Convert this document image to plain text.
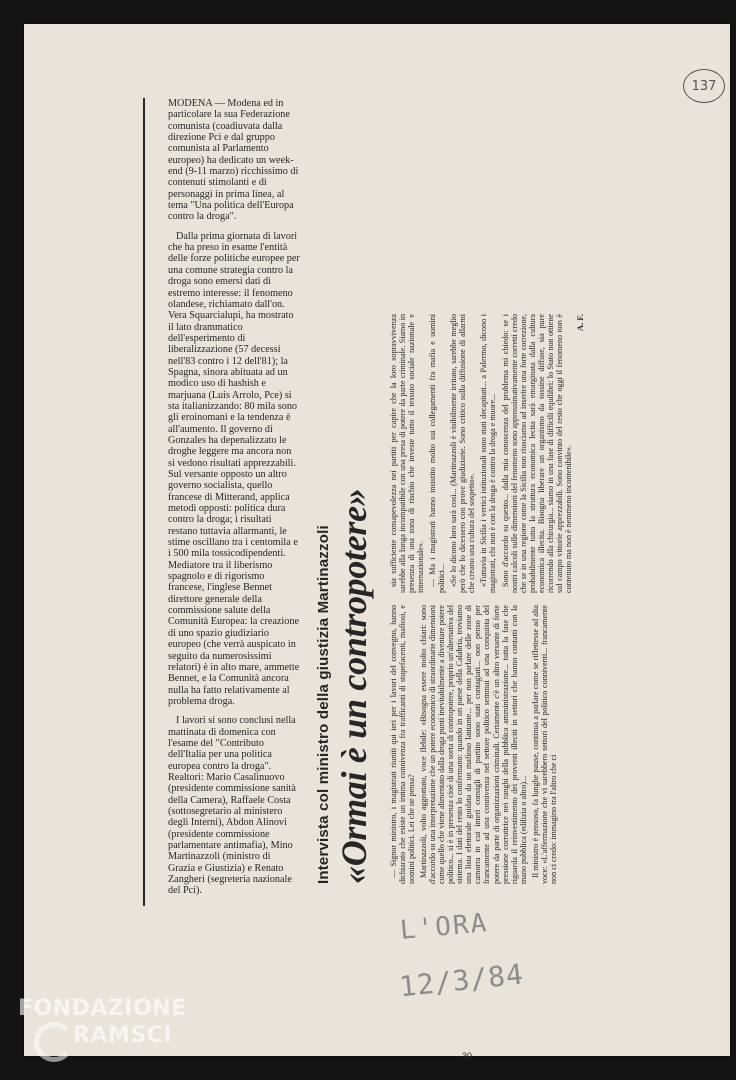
MODENA — Modena ed in particolare la sua Federazione comunista (coadiuvata dalla direzione Pci e dal gruppo comunista al Parlamento europeo) ha dedicato un week-end (9-11 marzo) ricchissimo di contenuti stimolanti e di personaggi in prima linea, al tema "Una politica dell'Europa contro la droga".

Dalla prima giornata di lavori che ha preso in esame l'entità delle forze politiche europee per una comune strategia contro la droga sono emersi dati di estremo interesse: il fenomeno olandese, richiamato dall'on. Vera Squarcialupi, ha mostrato il lato drammatico dell'esperimento di liberalizzazione (57 decessi nell'83 contro i 12 dell'81); la Spagna, sinora abituata ad un modico uso di hashish e marjuana (Luis Arrolo, Pce) si sta italianizzando: 80 mila sono gli eroinomani e la tendenza è all'aumento. Il governo di Gonzales ha depenalizzato le droghe leggere ma ancora non si vedono risultati apprezzabili. Sul versante opposto un altro governo socialista, quello francese di Mitterand, applica metodi opposti: politica dura contro la droga; i risultati restano tuttavia allarmanti, le stime oscillano tra i centomila e i 500 mila tossicodipendenti. Mediatore tra il liberismo spagnolo e di rigorismo francese, l'inglese Bennet direttore generale della commissione salute della Comunità Europea: la creazione di uno spazio giudiziario europeo (che verrà auspicato in seguito da numerosissimi relatori) è in alto mare, ammette Bennet, e la Comunità ancora nulla ha fatto relativamente al problema droga.

I lavori si sono conclusi nella mattinata di domenica con l'esame del "Contributo dell'Italia per una politica europea contro la droga". Realtori: Mario Casalinuovo (presidente commissione sanità della Camera), Raffaele Costa (sottosegretario al ministero degli Interni), Abdon Alinovi (presidente commissione parlamentare antimafia), Mino Martinazzoli (ministro di Grazia e Giustizia) e Renato Zangheri (segreteria nazionale del Pci).

Intervista col ministro della giustizia Martinazzoli «Ormai è un contropotere» — Signor ministro, i magistrati riuniti qui ieri per i lavori del convegno, hanno dichiarato che esiste un intima connivenza fra trafficanti di stupefacenti, mafiosi, e uomini politici. Lei che ne pensa? Martinazzoli, volto aggrottato, voce flebile: «Bisogna essere molto chiari: sono d'accordo su una interpretazione che un potere economico di straordinarie dimensioni come quello che viene alimentato dalla droga punti inevitabilmente a diventare potere politico... si è in presenza cioè di una sorta di contropotere, proprio un'alternativa del sistema. I dati del resto lo confermano: quando in un paese della Calabria, troviamo una lista elettorale guidata da un mafioso latitante... per non parlare delle zone di camorra in cui interi consigli di partito sono stati contagiati... non penso per francamente ad una connivenza nel settore politico semmai ad una conquista del potere da parte di organizzazioni criminali. Certamente c'è un altro versante di forte pressione corruttrice nei ranghi della pubblica amministrazione... tutta la fase che riguarda il reinvestimento dei proventi illeciti in settori che hanno contatti con la mano pubblica (edilizia o altro)... Il ministro è pensoso, fa lunghe pause, continua a parlare come se riflettesse ad alta voce: «L'affermazione che vi sarebbero settori del politico conniventi... francamente non ci credo: immagino tra l'altro che ci

sia sufficiente consapevolezza nei partiti per capire che la loro sopravvivenza sarebbe alla lunga incompatibile con una presa di potere da parte criminale. Siamo in presenza di una zona di rischio che investe tutto il tessuto sociale nazionale e internazionale». — Ma i magistrati hanno insistito molto sui collegamenti fra mafia e uomini politici... «Se lo dicono loro sarà così... (Martinazzoli è visibilmente irritato, sarebbe meglio però che lo dicessero con prove giudiziarie. Sono critico sulla diffusione di allarmi che creano una cultura del sospetto». «Tuttavia in Sicilia i vertici istituzionali sono stati decapitati... a Palermo, dicono i magistrati, chi non è con la droga è contro la droga e muore... Sono d'accordo su questo... dalla mia conoscenza del problema mi chiedo: se i nostri calcoli sulle dimensioni del fenomeno sono approssimativamente corretti credo che se in una regione come la Sicilia non riusciamo ad inserire una forte correzione, probabilmente tutta la struttura economica lecita sarà emarginata dalla cultura economica illecita. Bisogna liberare un organismo da tossine diffuse, sia pure ricorrendo alla chirurgia... siamo in una fase di difficili equilibri: lo Stato non ottiene sul campo vittorie apprezzabili. Sono convinto del resto che oggi il fenomeno non è contenuto ma non è nemmeno incontenibile».

A. F.
137
L'ORA
12/3/84
30
FONDAZIONE
RAMSCI
